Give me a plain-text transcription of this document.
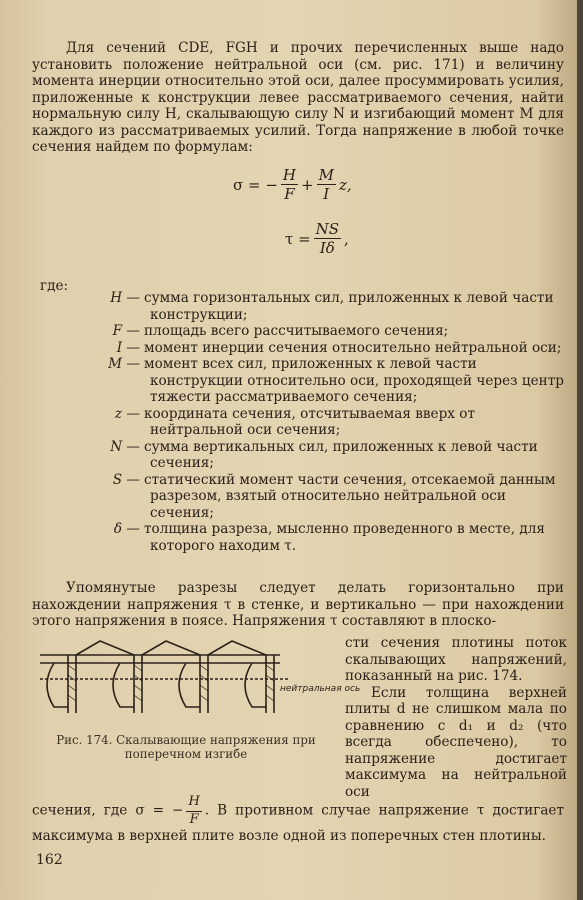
Для сечений CDE, FGH и прочих перечисленных выше надо установить положение нейтральной оси (см. рис. 171) и величину момента инерции относительно этой оси, далее просуммировать усилия, приложенные к конструкции левее рассматриваемого сечения, найти нормальную силу H, скалывающую силу N и изгибающий момент M для каждого из рассматриваемых усилий. Тогда напряжение в любой точке сечения найдем по формулам:

σ = − $\frac{H}{F} + \frac{M}{I} z$,
$\tau = \frac{NS}{I\delta}$ ,
где:
H — сумма горизонтальных сил, приложенных к левой части конструкции;
F — площадь всего рассчитываемого сечения;
I — момент инерции сечения относительно нейтральной оси;
M — момент всех сил, приложенных к левой части конструкции относительно оси, проходящей через центр тяжести рассматриваемого сечения;
z — координата сечения, отсчитываемая вверх от нейтральной оси сечения;
N — сумма вертикальных сил, приложенных к левой части сечения;
S — статический момент части сечения, отсекаемой данным разрезом, взятый относительно нейтральной оси сечения;
δ — толщина разреза, мысленно проведенного в месте, для которого находим τ.
Упомянутые разрезы следует делать горизонтально при нахождении напряжения τ в стенке, и вертикально — при нахождении этого напряжения в поясе. Напряжения τ составляют в плоско-
нейтральная ось
Рис. 174. Скалывающие напряжения при поперечном изгибе

сти сечения плотины поток скалывающих напряжений, показанный на рис. 174.

Если толщина верхней плиты d не слишком мала по сравнению с d₁ и d₂ (что всегда обеспечено), то напряжение достигает максимума на нейтральной оси

сечения, где σ = − $\frac{H}{F}$ . В противном случае напряжение τ достигает максимума в верхней плите возле одной из поперечных стен плотины.
162
